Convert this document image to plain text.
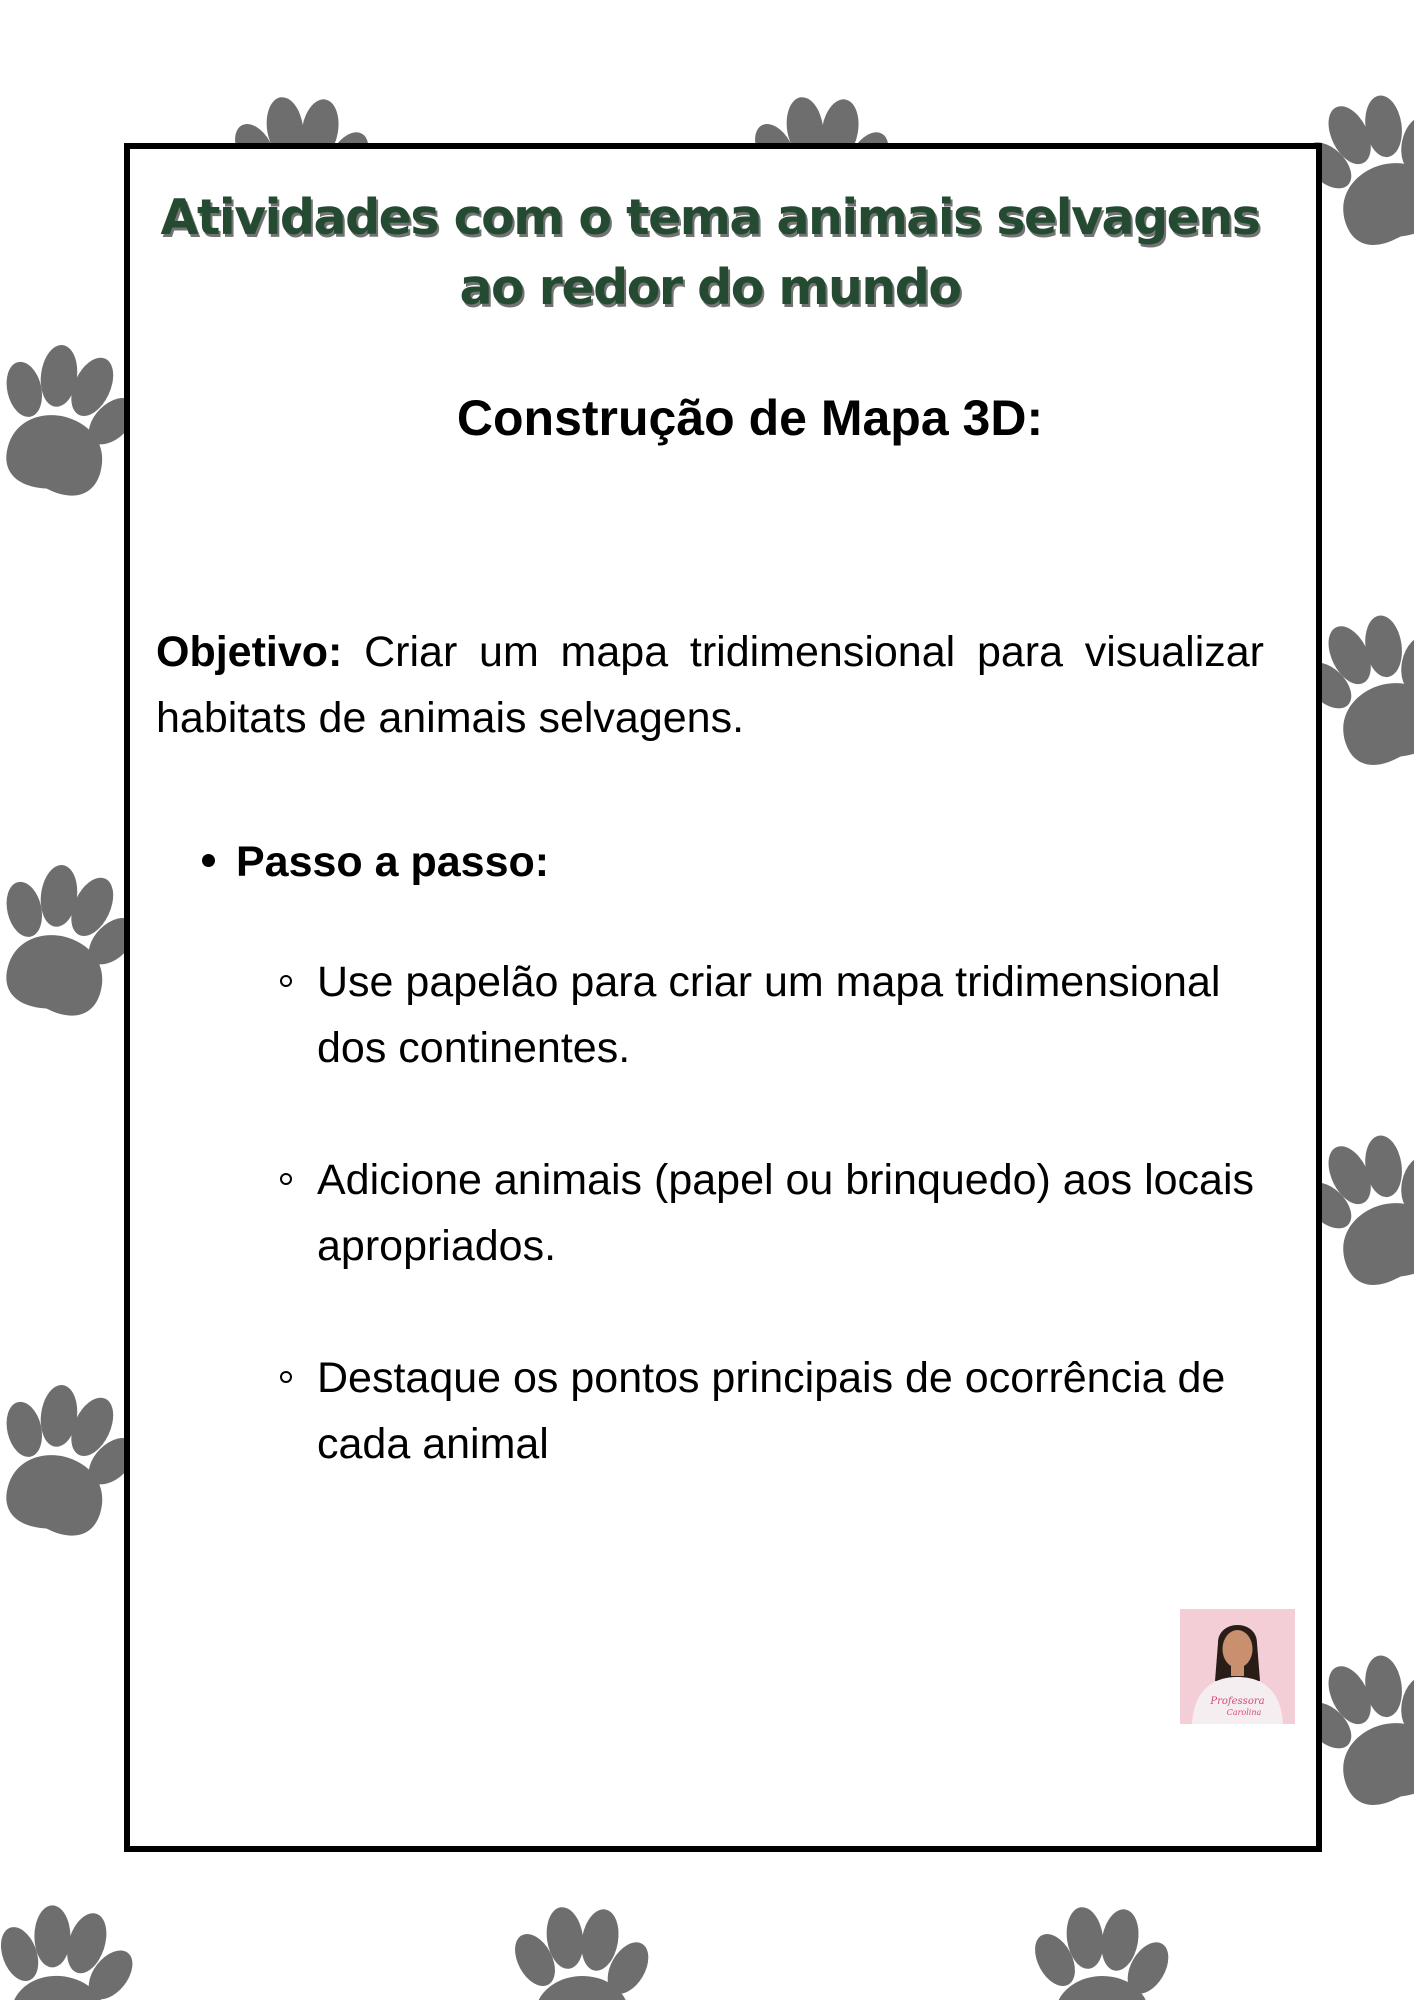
Atividades com o tema animais selvagens
ao redor do mundo
Construção de Mapa 3D:

Objetivo: Criar um mapa tridimensional para visualizar habitats de animais selvagens.

Passo a passo:
Use papelão para criar um mapa tridimensional dos continentes.
Adicione animais (papel ou brinquedo) aos locais apropriados.
Destaque os pontos principais de ocorrência de cada animal
Professora
Carolina
